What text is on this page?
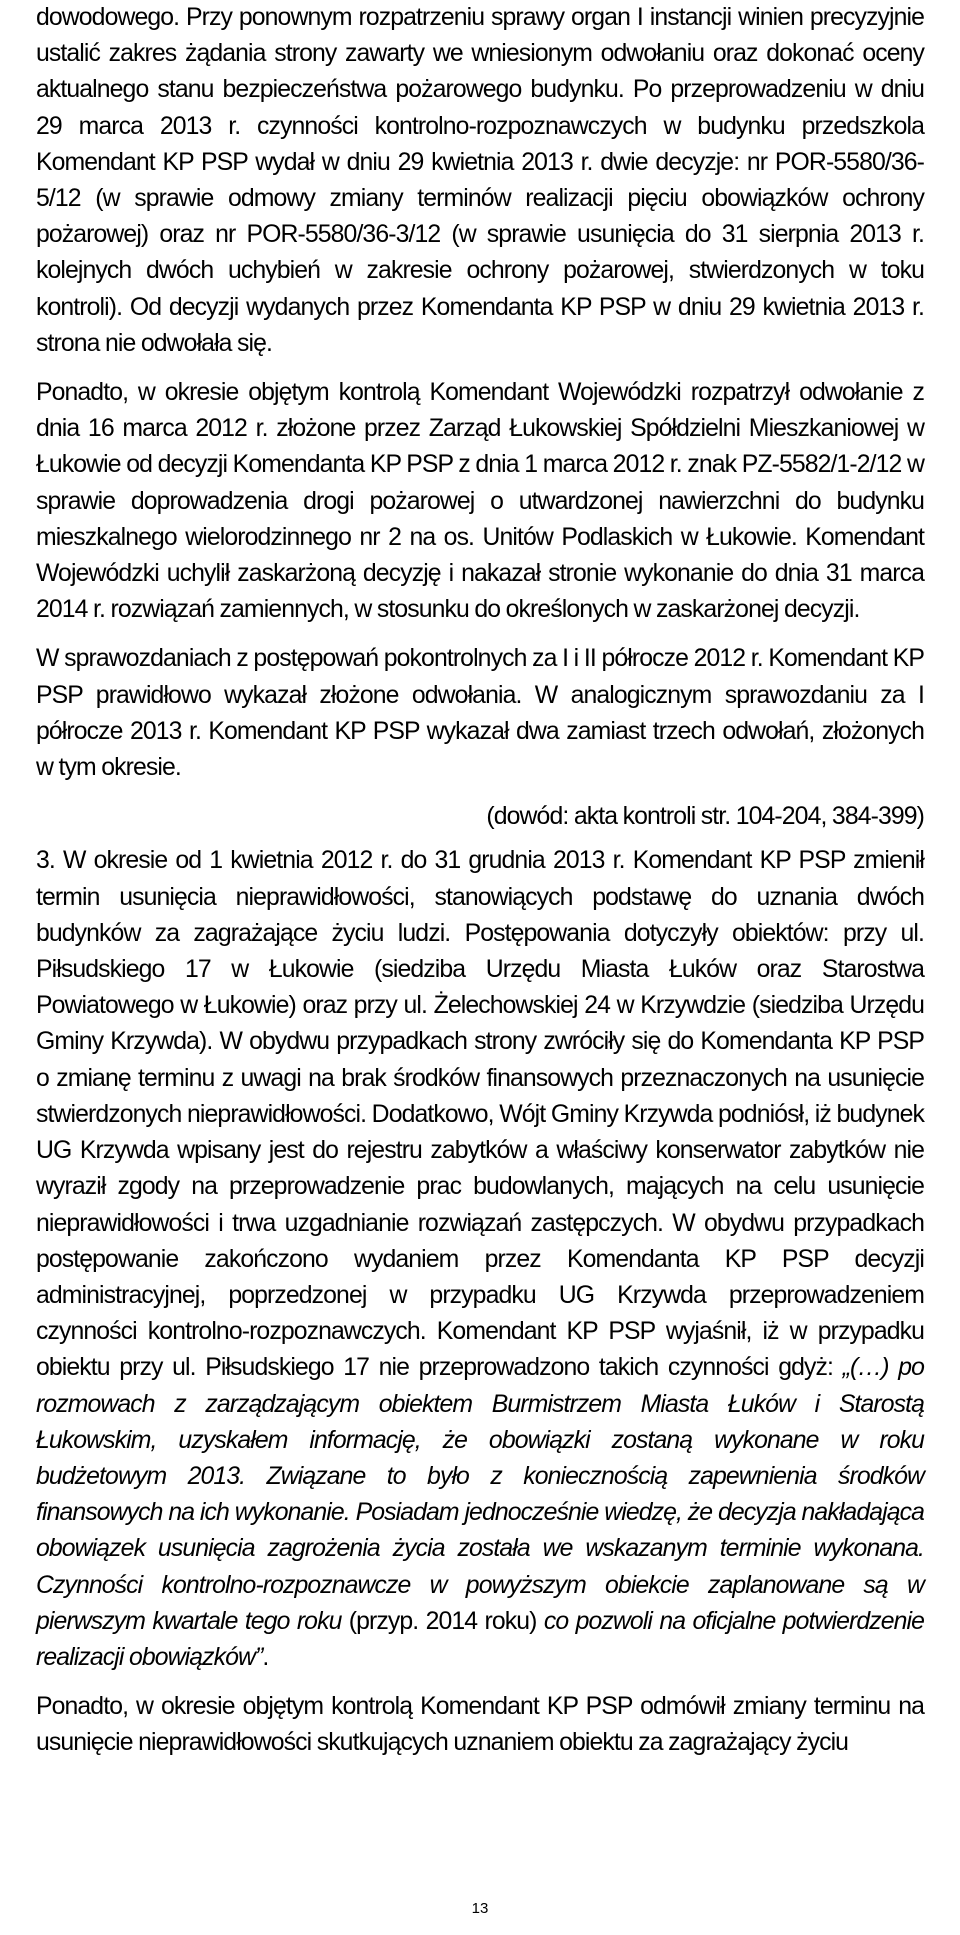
dowodowego. Przy ponownym rozpatrzeniu sprawy organ I instancji winien precyzyjnie ustalić zakres żądania strony zawarty we wniesionym odwołaniu oraz dokonać oceny aktualnego stanu bezpieczeństwa pożarowego budynku. Po przeprowadzeniu w dniu 29 marca 2013 r. czynności kontrolno-rozpoznawczych w budynku przedszkola Komendant KP PSP wydał w dniu 29 kwietnia 2013 r. dwie decyzje: nr POR-5580/36-5/12 (w sprawie odmowy zmiany terminów realizacji pięciu obowiązków ochrony pożarowej) oraz nr POR-5580/36-3/12 (w sprawie usunięcia do 31 sierpnia 2013 r. kolejnych dwóch uchybień w zakresie ochrony pożarowej, stwierdzonych w toku kontroli). Od decyzji wydanych przez Komendanta KP PSP w dniu 29 kwietnia 2013 r. strona nie odwołała się.

Ponadto, w okresie objętym kontrolą Komendant Wojewódzki rozpatrzył odwołanie z dnia 16 marca 2012 r. złożone przez Zarząd Łukowskiej Spółdzielni Mieszkaniowej w Łukowie od decyzji Komendanta KP PSP z dnia 1 marca 2012 r. znak PZ-5582/1-2/12 w sprawie doprowadzenia drogi pożarowej o utwardzonej nawierzchni do budynku mieszkalnego wielorodzinnego nr 2 na os. Unitów Podlaskich w Łukowie. Komendant Wojewódzki uchylił zaskarżoną decyzję i nakazał stronie wykonanie do dnia 31 marca 2014 r. rozwiązań zamiennych, w stosunku do określonych w zaskarżonej decyzji.

W sprawozdaniach z postępowań pokontrolnych za I i II półrocze 2012 r. Komendant KP PSP prawidłowo wykazał złożone odwołania. W analogicznym sprawozdaniu za I półrocze 2013 r. Komendant KP PSP wykazał dwa zamiast trzech odwołań, złożonych w tym okresie.

(dowód: akta kontroli str. 104-204, 384-399)

3. W okresie od 1 kwietnia 2012 r. do 31 grudnia 2013 r. Komendant KP PSP zmienił termin usunięcia nieprawidłowości, stanowiących podstawę do uznania dwóch budynków za zagrażające życiu ludzi. Postępowania dotyczyły obiektów: przy ul. Piłsudskiego 17 w Łukowie (siedziba Urzędu Miasta Łuków oraz Starostwa Powiatowego w Łukowie) oraz przy ul. Żelechowskiej 24 w Krzywdzie (siedziba Urzędu Gminy Krzywda). W obydwu przypadkach strony zwróciły się do Komendanta KP PSP o zmianę terminu z uwagi na brak środków finansowych przeznaczonych na usunięcie stwierdzonych nieprawidłowości. Dodatkowo, Wójt Gminy Krzywda podniósł, iż budynek UG Krzywda wpisany jest do rejestru zabytków a właściwy konserwator zabytków nie wyraził zgody na przeprowadzenie prac budowlanych, mających na celu usunięcie nieprawidłowości i trwa uzgadnianie rozwiązań zastępczych. W obydwu przypadkach postępowanie zakończono wydaniem przez Komendanta KP PSP decyzji administracyjnej, poprzedzonej w przypadku UG Krzywda przeprowadzeniem czynności kontrolno-rozpoznawczych. Komendant KP PSP wyjaśnił, iż w przypadku obiektu przy ul. Piłsudskiego 17 nie przeprowadzono takich czynności gdyż: „(…) po rozmowach z zarządzającym obiektem Burmistrzem Miasta Łuków i Starostą Łukowskim, uzyskałem informację, że obowiązki zostaną wykonane w roku budżetowym 2013. Związane to było z koniecznością zapewnienia środków finansowych na ich wykonanie. Posiadam jednocześnie wiedzę, że decyzja nakładająca obowiązek usunięcia zagrożenia życia została we wskazanym terminie wykonana. Czynności kontrolno-rozpoznawcze w powyższym obiekcie zaplanowane są w pierwszym kwartale tego roku (przyp. 2014 roku) co pozwoli na oficjalne potwierdzenie realizacji obowiązków”.

Ponadto, w okresie objętym kontrolą Komendant KP PSP odmówił zmiany terminu na usunięcie nieprawidłowości skutkujących uznaniem obiektu za zagrażający życiu

13
